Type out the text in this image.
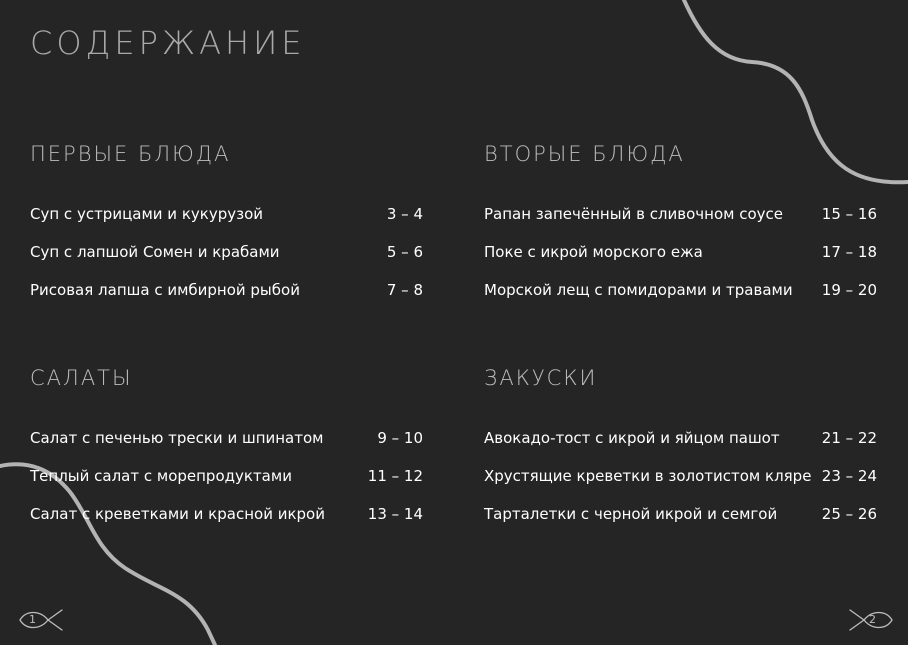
СОДЕРЖАНИЕ
ПЕРВЫЕ БЛЮДА
Суп с устрицами и кукурузой	3 – 4
Суп с лапшой Сомен и крабами	5 – 6
Рисовая лапша с имбирной рыбой	7 – 8
ВТОРЫЕ БЛЮДА
Рапан запечённый в сливочном соусе	15 – 16
Поке с икрой морского ежа	17 – 18
Морской лещ с помидорами и травами 19 – 20
САЛАТЫ
Салат с печенью трески и шпинатом	9 – 10
Теплый салат с морепродуктами	11 – 12
Салат с креветками и красной икрой	13 – 14
ЗАКУСКИ
Авокадо-тост с икрой и яйцом пашот	21 – 22
Хрустящие креветки в золотистом кляре 23 – 24
Тарталетки с черной икрой и семгой	25 – 26
1	2
